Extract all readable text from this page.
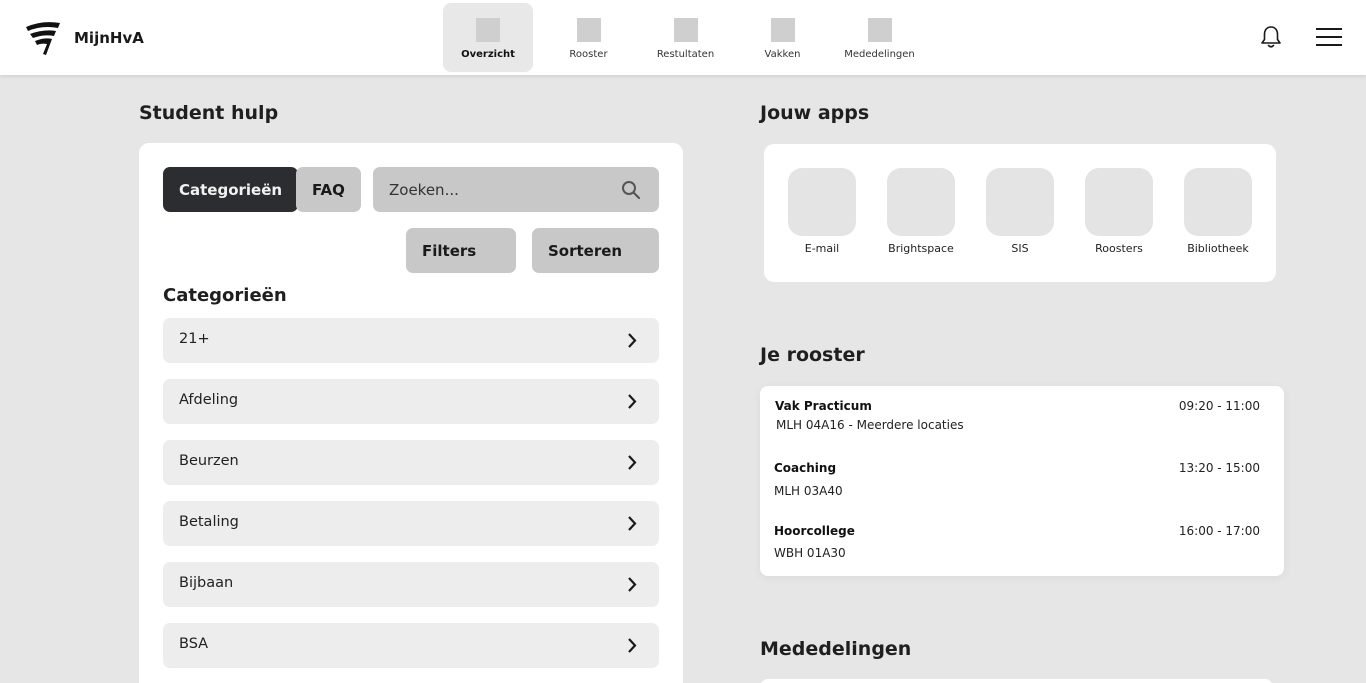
MijnHvA
Overzicht	Rooster	Restultaten	Vakken	Mededelingen
Student hulp
Categorieën	FAQ
Zoeken...
Filters	Sorteren
Categorieën
21+
Afdeling
Beurzen
Betaling
Bijbaan
BSA
Jouw apps
E-mail	Brightspace	SIS	Roosters	Bibliotheek
Je rooster
Vak Practicum
MLH 04A16 - Meerdere locaties
09:20 - 11:00
Coaching
MLH 03A40
13:20 - 15:00
Hoorcollege
WBH 01A30
16:00 - 17:00
Mededelingen
